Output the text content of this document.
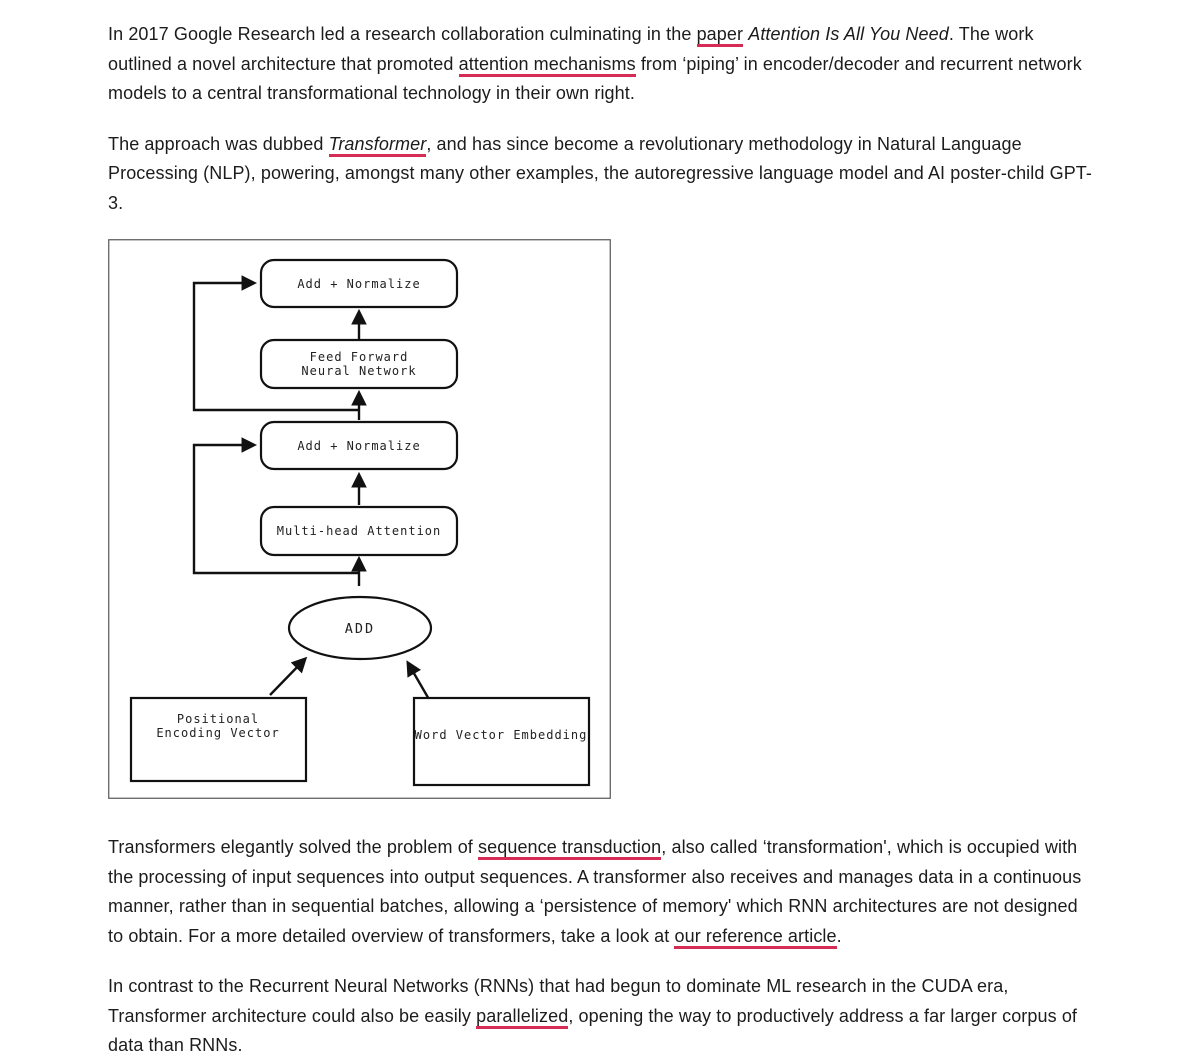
In 2017 Google Research led a research collaboration culminating in the paper Attention Is All You Need. The work outlined a novel architecture that promoted attention mechanisms from ‘piping’ in encoder/decoder and recurrent network models to a central transformational technology in their own right.

The approach was dubbed Transformer, and has since become a revolutionary methodology in Natural Language Processing (NLP), powering, amongst many other examples, the autoregressive language model and AI poster-child GPT-3.

Add + Normalize
Feed Forward
Neural Network
Add + Normalize
Multi-head Attention
ADD
Positional
Encoding Vector	Word Vector Embedding

Transformers elegantly solved the problem of sequence transduction, also called ‘transformation', which is occupied with the processing of input sequences into output sequences. A transformer also receives and manages data in a continuous manner, rather than in sequential batches, allowing a ‘persistence of memory' which RNN architectures are not designed to obtain. For a more detailed overview of transformers, take a look at our reference article.

In contrast to the Recurrent Neural Networks (RNNs) that had begun to dominate ML research in the CUDA era, Transformer architecture could also be easily parallelized, opening the way to productively address a far larger corpus of data than RNNs.
